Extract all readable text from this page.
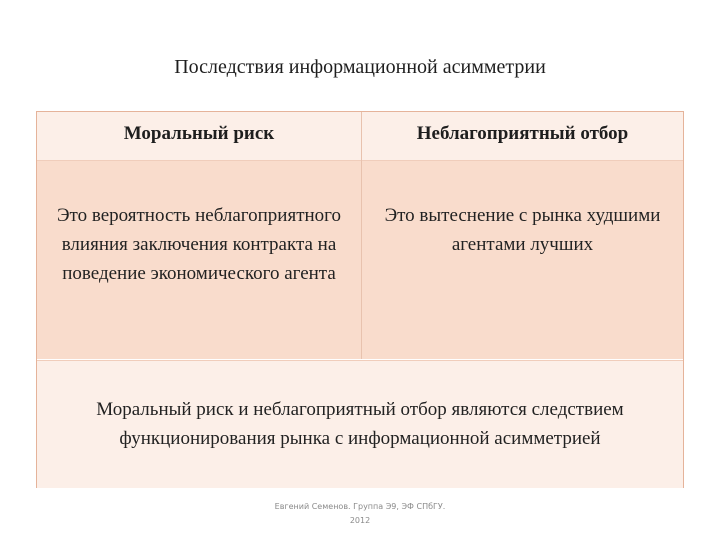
Последствия информационной асимметрии
Моральный риск	Неблагоприятный отбор
Это вероятность неблагоприятного влияния заключения контракта на поведение экономического агента
Это вытеснение с рынка худшими агентами лучших
Моральный риск и неблагоприятный отбор являются следствием функционирования рынка с информационной асимметрией
Евгений Семенов. Группа Э9, ЭФ СПбГУ.
2012
